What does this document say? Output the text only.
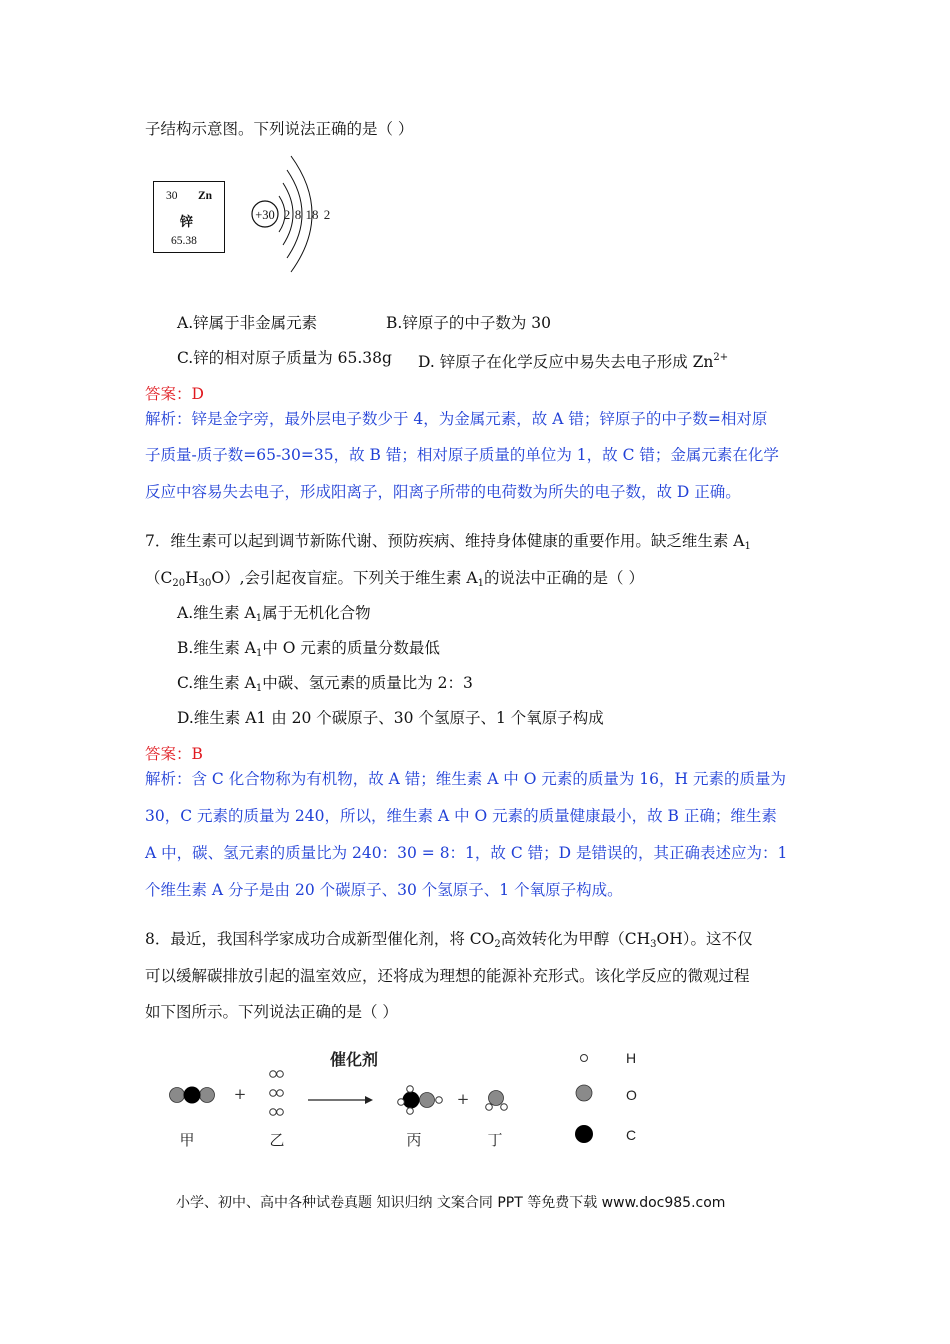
子结构示意图。下列说法正确的是（ ）
30 Zn
锌
65.38
+30 2 8 18 2
A.锌属于非金属元素	B.锌原子的中子数为 30
C.锌的相对原子质量为 65.38g D. 锌原子在化学反应中易失去电子形成 $Zn^{2+}$
答案：D
解析：锌是金字旁，最外层电子数少于 4，为金属元素，故 A 错；锌原子的中子数=相对原
子质量-质子数=65-30=35，故 B 错；相对原子质量的单位为 1，故 C 错；金属元素在化学
反应中容易失去电子，形成阳离子，阳离子所带的电荷数为所失的电子数，故 D 正确。
7．维生素可以起到调节新陈代谢、预防疾病、维持身体健康的重要作用。缺乏维生素 $A_1$
$(C_{20}H_{30}O)$,会引起夜盲症。下列关于维生素 $A_1$的说法中正确的是（ ）
A.维生素 $A_1$属于无机化合物
B.维生素 $A_1$中 O 元素的质量分数最低
C.维生素 $A_1$中碳、氢元素的质量比为 2：3
D.维生素 A1 由 20 个碳原子、30 个氢原子、1 个氧原子构成
答案：B
解析：含 C 化合物称为有机物，故 A 错；维生素 A 中 O 元素的质量为 16，H 元素的质量为
30，C 元素的质量为 240，所以，维生素 A 中 O 元素的质量健康最小，故 B 正确；维生素
A 中，碳、氢元素的质量比为 240：30 = 8：1，故 C 错；D 是错误的，其正确表述应为：1
个维生素 A 分子是由 20 个碳原子、30 个氢原子、1 个氧原子构成。
8．最近，我国科学家成功合成新型催化剂，将 $CO_2$高效转化为甲醇$(CH_3OH)$。这不仅
可以缓解碳排放引起的温室效应，还将成为理想的能源补充形式。该化学反应的微观过程
如下图所示。下列说法正确的是（ ）
+
催化剂
+
甲	乙	丙	丁
H
O
C
小学、初中、高中各种试卷真题 知识归纳 文案合同 PPT 等免费下载 www.doc985.com
